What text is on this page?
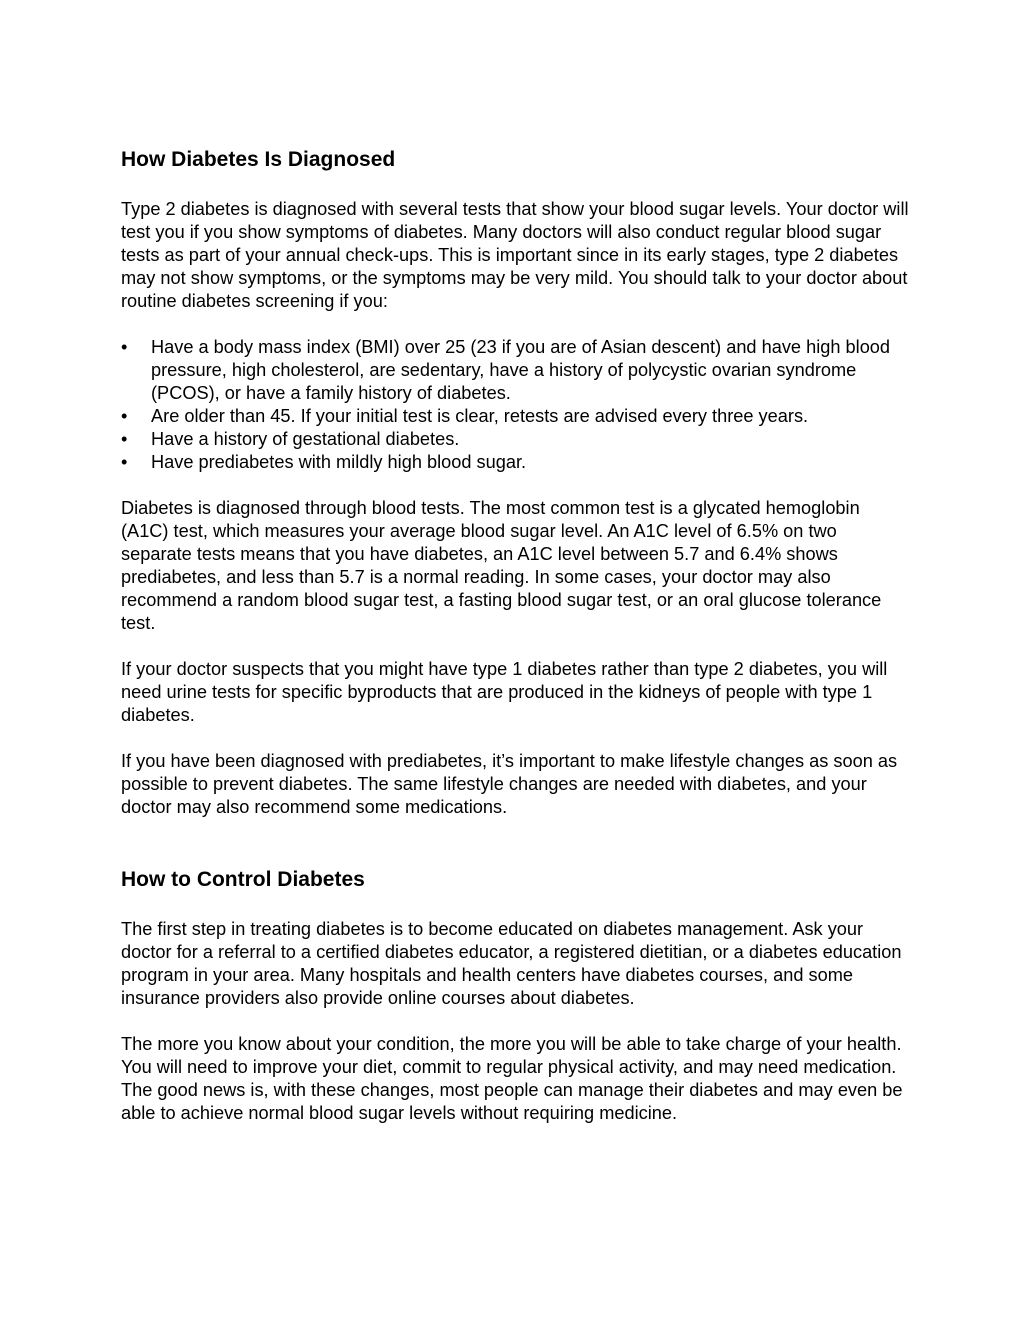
How Diabetes Is Diagnosed

Type 2 diabetes is diagnosed with several tests that show your blood sugar levels. Your doctor will test you if you show symptoms of diabetes. Many doctors will also conduct regular blood sugar tests as part of your annual check-ups. This is important since in its early stages, type 2 diabetes may not show symptoms, or the symptoms may be very mild. You should talk to your doctor about routine diabetes screening if you:

• Have a body mass index (BMI) over 25 (23 if you are of Asian descent) and have high blood pressure, high cholesterol, are sedentary, have a history of polycystic ovarian syndrome (PCOS), or have a family history of diabetes.
• Are older than 45. If your initial test is clear, retests are advised every three years.
• Have a history of gestational diabetes.
• Have prediabetes with mildly high blood sugar.

Diabetes is diagnosed through blood tests. The most common test is a glycated hemoglobin (A1C) test, which measures your average blood sugar level. An A1C level of 6.5% on two separate tests means that you have diabetes, an A1C level between 5.7 and 6.4% shows prediabetes, and less than 5.7 is a normal reading. In some cases, your doctor may also recommend a random blood sugar test, a fasting blood sugar test, or an oral glucose tolerance test.

If your doctor suspects that you might have type 1 diabetes rather than type 2 diabetes, you will need urine tests for specific byproducts that are produced in the kidneys of people with type 1 diabetes.

If you have been diagnosed with prediabetes, it’s important to make lifestyle changes as soon as possible to prevent diabetes. The same lifestyle changes are needed with diabetes, and your doctor may also recommend some medications.

How to Control Diabetes

The first step in treating diabetes is to become educated on diabetes management. Ask your doctor for a referral to a certified diabetes educator, a registered dietitian, or a diabetes education program in your area. Many hospitals and health centers have diabetes courses, and some insurance providers also provide online courses about diabetes.

The more you know about your condition, the more you will be able to take charge of your health. You will need to improve your diet, commit to regular physical activity, and may need medication. The good news is, with these changes, most people can manage their diabetes and may even be able to achieve normal blood sugar levels without requiring medicine.
